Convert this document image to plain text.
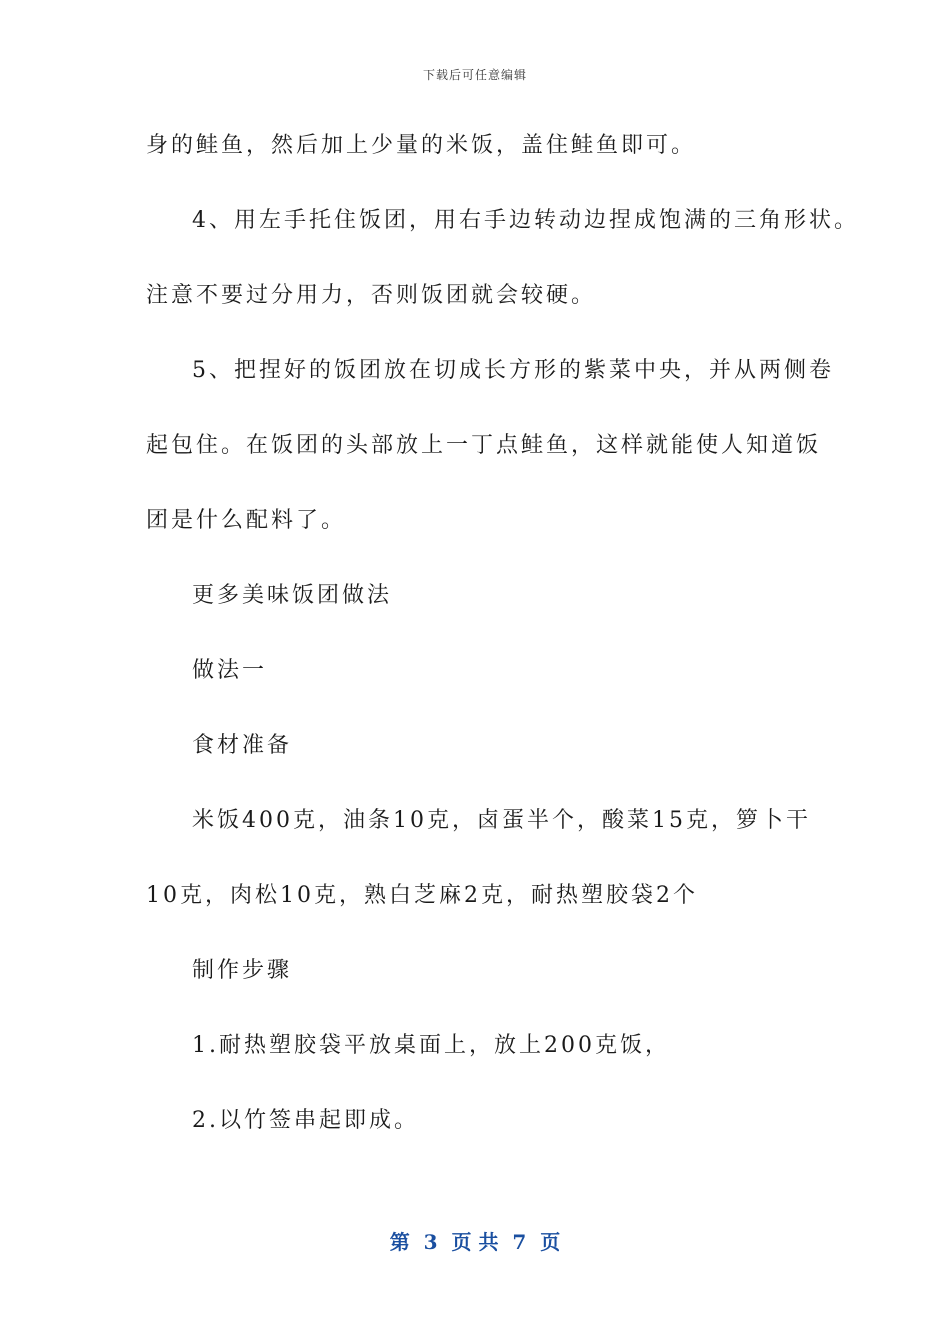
下载后可任意编辑
身的鲑鱼，然后加上少量的米饭，盖住鲑鱼即可。
4、用左手托住饭团，用右手边转动边捏成饱满的三角形状。
注意不要过分用力，否则饭团就会较硬。
5、把捏好的饭团放在切成长方形的紫菜中央，并从两侧卷
起包住。在饭团的头部放上一丁点鲑鱼，这样就能使人知道饭
团是什么配料了。
更多美味饭团做法
做法一
食材准备
米饭400克，油条10克，卤蛋半个，酸菜15克，箩卜干
10克，肉松10克，熟白芝麻2克，耐热塑胶袋2个
制作步骤
1.耐热塑胶袋平放桌面上，放上200克饭，
2.以竹签串起即成。
第  3  页 共  7  页
